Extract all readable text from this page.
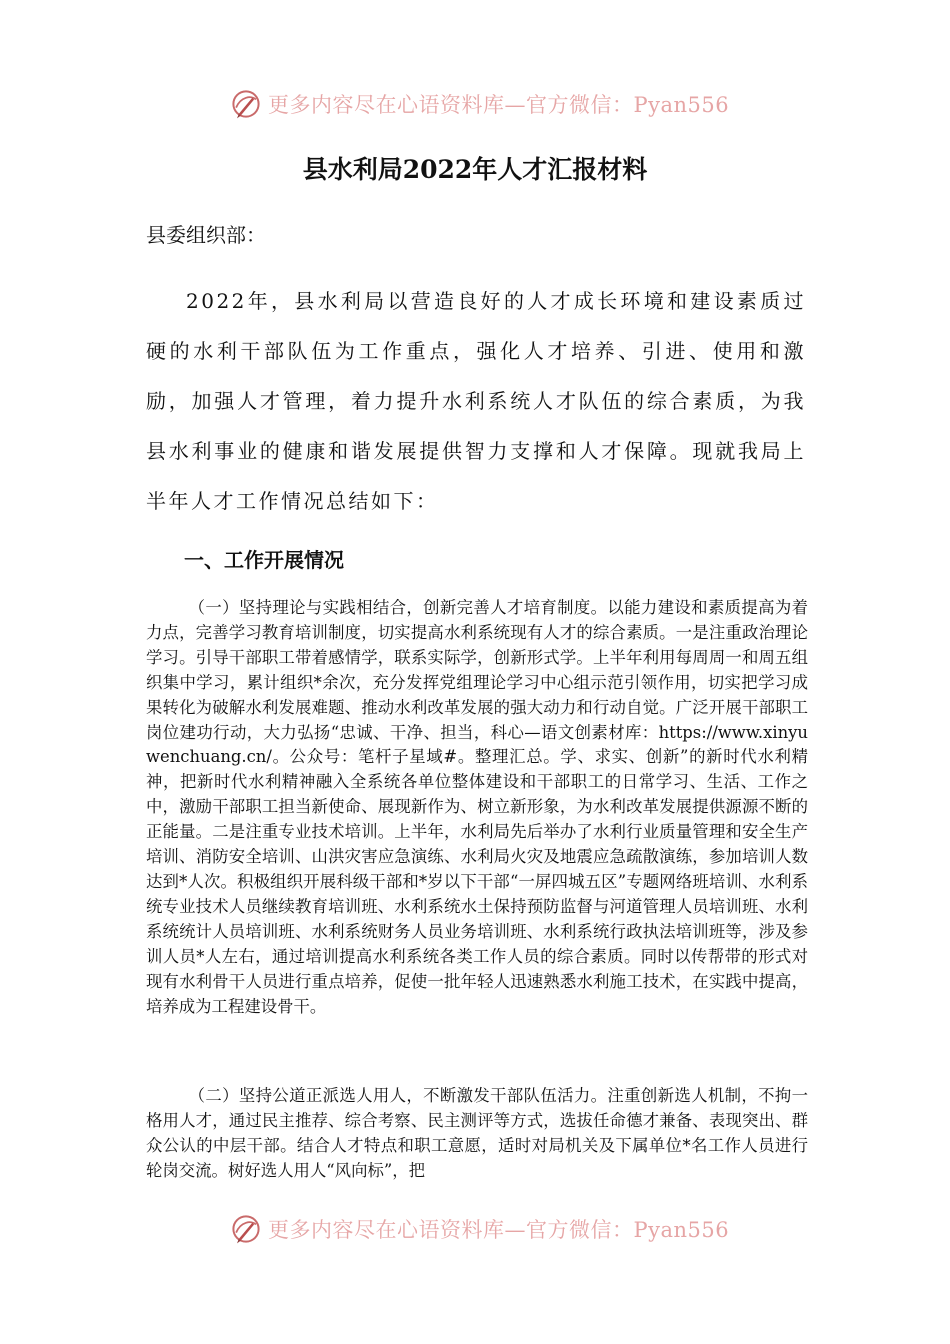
更多内容尽在心语资料库—官方微信：Pyan556
县水利局2022年人才汇报材料
县委组织部：

2022年，县水利局以营造良好的人才成长环境和建设素质过硬的水利干部队伍为工作重点，强化人才培养、引进、使用和激励，加强人才管理，着力提升水利系统人才队伍的综合素质，为我县水利事业的健康和谐发展提供智力支撑和人才保障。现就我局上半年人才工作情况总结如下：

一、工作开展情况

（一）坚持理论与实践相结合，创新完善人才培育制度。以能力建设和素质提高为着力点，完善学习教育培训制度，切实提高水利系统现有人才的综合素质。一是注重政治理论学习。引导干部职工带着感情学，联系实际学，创新形式学。上半年利用每周周一和周五组织集中学习，累计组织*余次，充分发挥党组理论学习中心组示范引领作用，切实把学习成果转化为破解水利发展难题、推动水利改革发展的强大动力和行动自觉。广泛开展干部职工岗位建功行动，大力弘扬“忠诚、干净、担当，科心—语文创素材库：https://www.xinyuwenchuang.cn/。公众号：笔杆子星域#。整理汇总。学、求实、创新”的新时代水利精神，把新时代水利精神融入全系统各单位整体建设和干部职工的日常学习、生活、工作之中，激励干部职工担当新使命、展现新作为、树立新形象，为水利改革发展提供源源不断的正能量。二是注重专业技术培训。上半年，水利局先后举办了水利行业质量管理和安全生产培训、消防安全培训、山洪灾害应急演练、水利局火灾及地震应急疏散演练，参加培训人数达到*人次。积极组织开展科级干部和*岁以下干部“一屏四城五区”专题网络班培训、水利系统专业技术人员继续教育培训班、水利系统水土保持预防监督与河道管理人员培训班、水利系统统计人员培训班、水利系统财务人员业务培训班、水利系统行政执法培训班等，涉及参训人员*人左右，通过培训提高水利系统各类工作人员的综合素质。同时以传帮带的形式对现有水利骨干人员进行重点培养，促使一批年轻人迅速熟悉水利施工技术，在实践中提高，培养成为工程建设骨干。

（二）坚持公道正派选人用人，不断激发干部队伍活力。注重创新选人机制，不拘一格用人才，通过民主推荐、综合考察、民主测评等方式，选拔任命德才兼备、表现突出、群众公认的中层干部。结合人才特点和职工意愿，适时对局机关及下属单位*名工作人员进行轮岗交流。树好选人用人“风向标”，把

更多内容尽在心语资料库—官方微信：Pyan556
